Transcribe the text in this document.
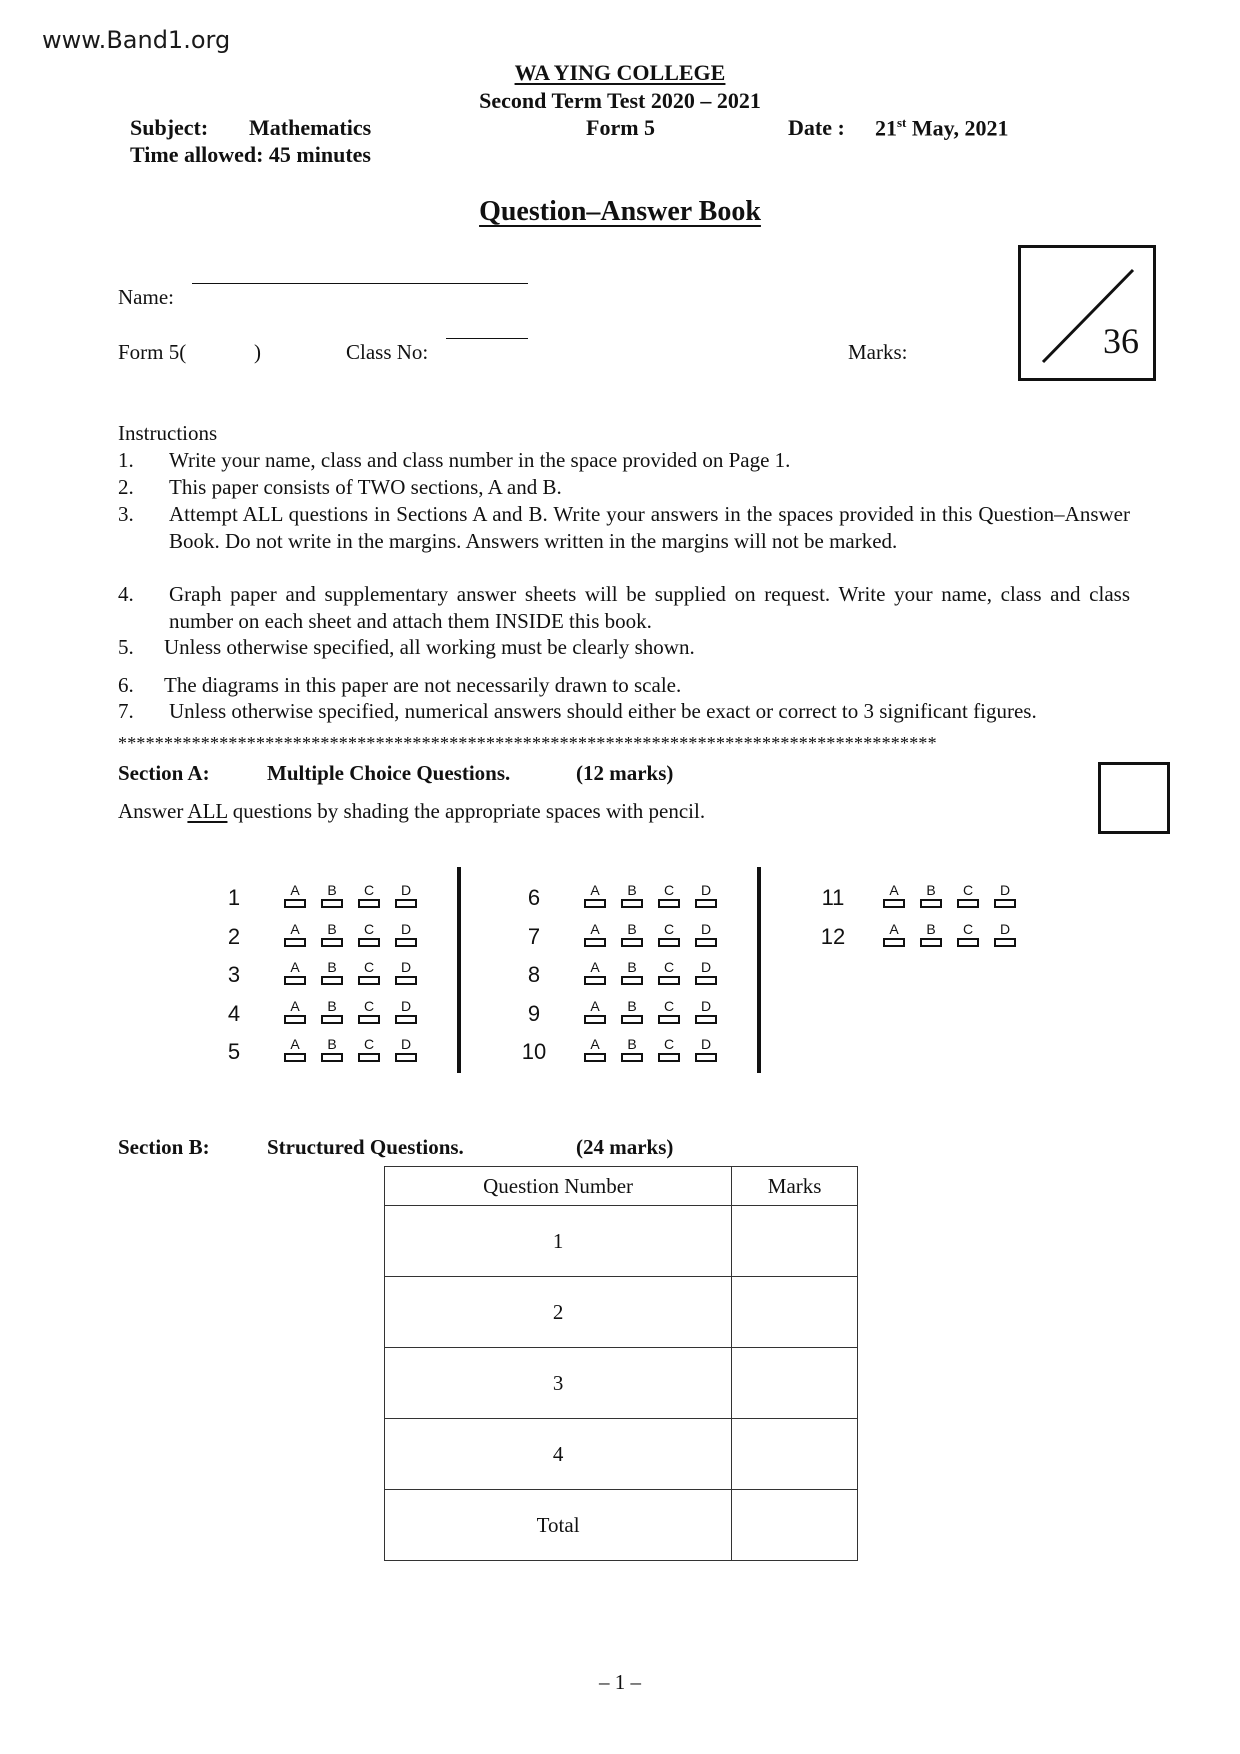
www.Band1.org
WA YING COLLEGE
Second Term Test 2020 – 2021
Subject: Mathematics	Form 5	Date : 21st May, 2021
Time allowed: 45 minutes
Question–Answer Book
Name:
Form 5(	)	Class No:	Marks:	36
Instructions
1. Write your name, class and class number in the space provided on Page 1.
2. This paper consists of TWO sections, A and B.
3. Attempt ALL questions in Sections A and B. Write your answers in the spaces provided in this Question–Answer Book. Do not write in the margins. Answers written in the margins will not be marked.
4. Graph paper and supplementary answer sheets will be supplied on request. Write your name, class and class number on each sheet and attach them INSIDE this book.
5. Unless otherwise specified, all working must be clearly shown.
6. The diagrams in this paper are not necessarily drawn to scale.
7. Unless otherwise specified, numerical answers should either be exact or correct to 3 significant figures.
*****************************************************************************************
Section A:	Multiple Choice Questions.	(12 marks)
Answer ALL questions by shading the appropriate spaces with pencil.
1	A	B	C	D
2	A	B	C	D
3	A	B	C	D
4	A	B	C	D
5	A	B	C	D
6	A	B	C	D
7	A	B	C	D
8	A	B	C	D
9	A	B	C	D
10	A	B	C	D
11	A	B	C	D
12	A	B	C	D
Section B:	Structured Questions.	(24 marks)
Question Number	Marks
1	
2	
3	
4	
Total	
– 1 –
